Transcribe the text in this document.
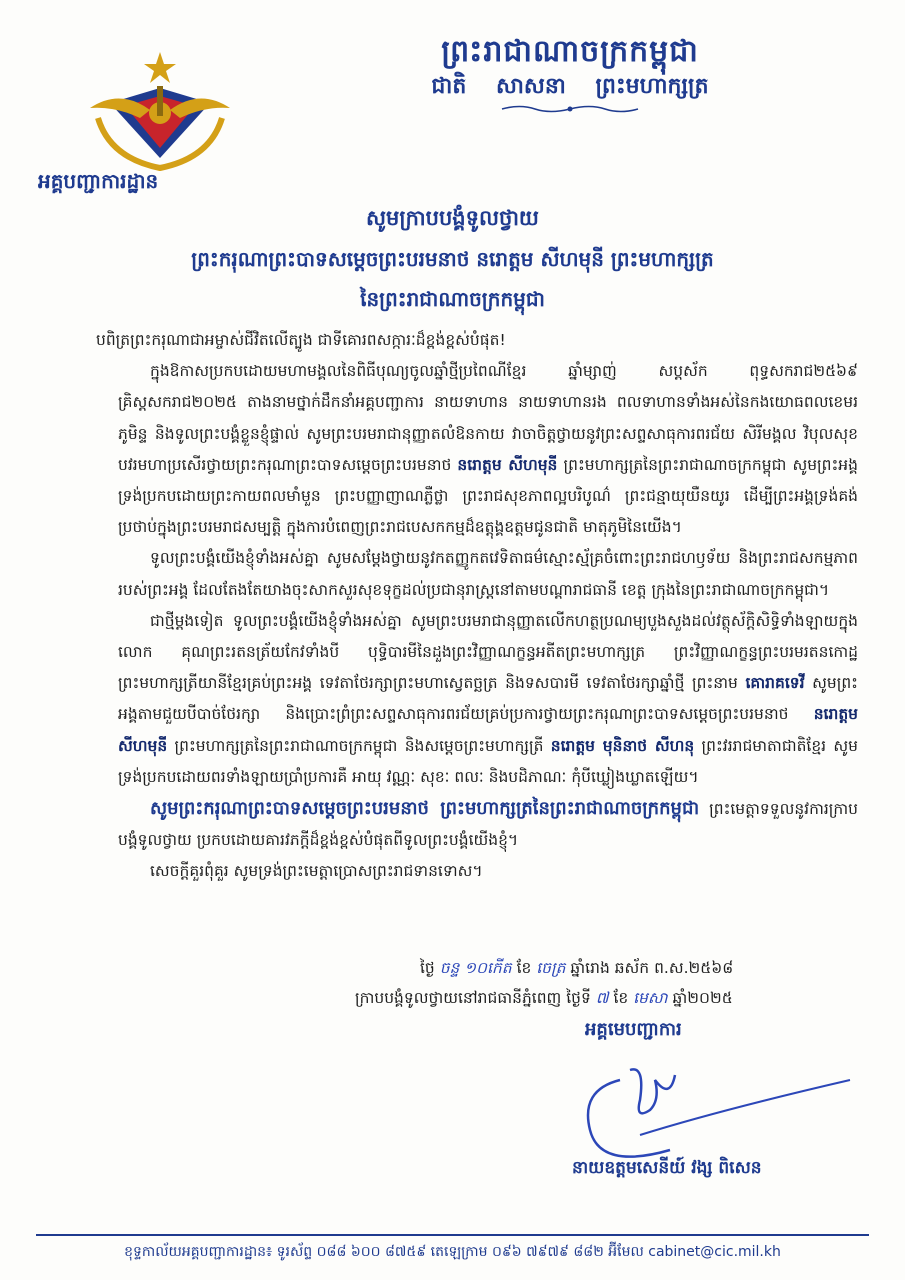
ព្រះរាជាណាចក្រកម្ពុជា
ជាតិ សាសនា ព្រះមហាក្សត្រ
អគ្គបញ្ជាការដ្ឋាន
សូមក្រាបបង្គំទូលថ្វាយ
ព្រះករុណាព្រះបាទសម្តេចព្រះបរមនាថ នរោត្តម សីហមុនី ព្រះមហាក្សត្រ
នៃព្រះរាជាណាចក្រកម្ពុជា

បពិត្រព្រះករុណាជាអម្ចាស់ជីវិតលើត្បូង ជាទីគោរពសក្ការៈដ៏ខ្ពង់ខ្ពស់បំផុត!

ក្នុងឱកាសប្រកបដោយមហាមង្គលនៃពិធីបុណ្យចូលឆ្នាំថ្មីប្រពៃណីខ្មែរ ឆ្នាំម្សាញ់ សប្តស័ក ពុទ្ធសករាជ២៥៦៩ គ្រិស្តសករាជ២០២៥ តាងនាមថ្នាក់ដឹកនាំអគ្គបញ្ជាការ នាយទាហាន នាយទាហានរង ពលទាហានទាំងអស់នៃកងយោធពលខេមរភូមិន្ទ និងទូលព្រះបង្គំខ្លួនខ្ញុំផ្ទាល់ សូមព្រះបរមរាជានុញ្ញាតលំឱនកាយ វាចាចិត្តថ្វាយនូវព្រះសព្ទសាធុការពរជ័យ សិរីមង្គល វិបុលសុខ បវរមហាប្រសើរថ្វាយព្រះករុណាព្រះបាទសម្តេចព្រះបរមនាថ នរោត្តម សីហមុនី ព្រះមហាក្សត្រនៃព្រះរាជាណាចក្រកម្ពុជា សូមព្រះអង្គទ្រង់ប្រកបដោយព្រះកាយពលមាំមួន ព្រះបញ្ញាញាណភ្លឺថ្លា ព្រះរាជសុខភាពល្អបរិបូណ៌ ព្រះជន្មាយុយឺនយូរ ដើម្បីព្រះអង្គទ្រង់គង់ប្រថាប់ក្នុងព្រះបរមរាជសម្បត្តិ ក្នុងការបំពេញព្រះរាជបេសកកម្មដ៏ឧត្តុង្គឧត្តមជូនជាតិ មាតុភូមិនៃយើង។

ទូលព្រះបង្គំយើងខ្ញុំទាំងអស់គ្នា សូមសម្តែងថ្វាយនូវកតញ្ញូកតវេទិតាធម៌ស្មោះស្ម័គ្រចំពោះព្រះរាជហឫទ័យ និងព្រះរាជសកម្មភាពរបស់ព្រះអង្គ ដែលតែងតែយាងចុះសាកសួរសុខទុក្ខដល់ប្រជានុរាស្ត្រនៅតាមបណ្តារាជធានី ខេត្ត ក្រុងនៃព្រះរាជាណាចក្រកម្ពុជា។

ជាថ្មីម្តងទៀត ទូលព្រះបង្គំយើងខ្ញុំទាំងអស់គ្នា សូមព្រះបរមរាជានុញ្ញាតលើកហត្ថប្រណម្យបួងសួងដល់វត្ថុស័ក្តិសិទ្ធិទាំងឡាយក្នុងលោក គុណព្រះរតនត្រ័យកែវទាំងបី បុទ្ធិបារមីនៃដួងព្រះវិញ្ញាណក្ខន្ធអតីតព្រះមហាក្សត្រ ព្រះវិញ្ញាណក្ខន្ធព្រះបរមរតនកោដ្ឋ ព្រះមហាក្សត្រីយានីខ្មែរគ្រប់ព្រះអង្គ ទេវតាថែរក្សាព្រះមហាស្វេតច្ឆត្រ និងទសបារមី ទេវតាថែរក្សាឆ្នាំថ្មី ព្រះនាម គោរាគទេវី សូមព្រះអង្គតាមជួយបីបាច់ថែរក្សា និងប្រោះព្រំព្រះសព្ទសាធុការពរជ័យគ្រប់ប្រការថ្វាយព្រះករុណាព្រះបាទសម្តេចព្រះបរមនាថ នរោត្តម សីហមុនី ព្រះមហាក្សត្រនៃព្រះរាជាណាចក្រកម្ពុជា និងសម្តេចព្រះមហាក្សត្រី នរោត្តម មុនិនាថ សីហនុ ព្រះវររាជមាតាជាតិខ្មែរ សូមទ្រង់ប្រកបដោយពរទាំងឡាយប្រាំប្រការគឺ អាយុ វណ្ណៈ សុខៈ ពលៈ និងបដិភាណៈ កុំបីឃ្លៀងឃ្លាតឡើយ។

សូមព្រះករុណាព្រះបាទសម្តេចព្រះបរមនាថ ព្រះមហាក្សត្រនៃព្រះរាជាណាចក្រកម្ពុជា ព្រះមេត្តាទទួលនូវការក្រាបបង្គំទូលថ្វាយ ប្រកបដោយគារវភក្តីដ៏ខ្ពង់ខ្ពស់បំផុតពីទូលព្រះបង្គំយើងខ្ញុំ។

សេចក្តីគួរពុំគួរ សូមទ្រង់ព្រះមេត្តាប្រោសព្រះរាជទានទោស។

ថ្ងៃ ចន្ទ ១០កើត ខែ ចេត្រ ឆ្នាំរោង ឆស័ក ព.ស.២៥៦៨
ក្រាបបង្គំទូលថ្វាយនៅរាជធានីភ្នំពេញ ថ្ងៃទី ៧ ខែ មេសា ឆ្នាំ២០២៥
អគ្គមេបញ្ជាការ
នាយឧត្តមសេនីយ៍ វង្ស ពិសេន
ខុទ្ទកាល័យអគ្គបញ្ជាការដ្ឋាន៖ ទូរស័ព្ទ ០៨៨ ៦០០ ៨៧៥៩ តេឡេក្រាម ០៩៦ ៧៩៧៩ ៨៨២ អ៊ីមែល cabinet@cic.mil.kh
